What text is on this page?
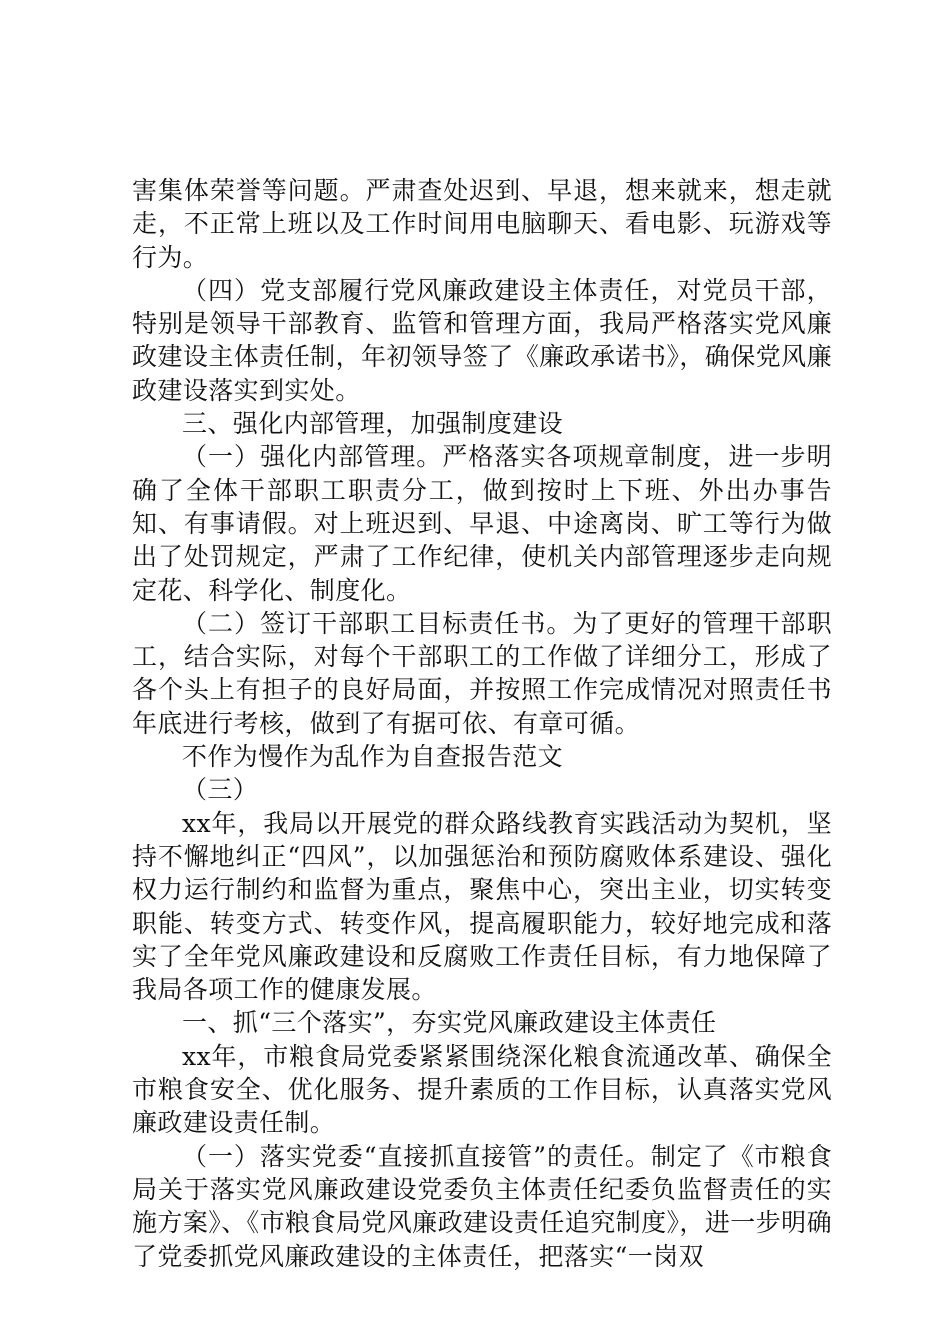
害集体荣誉等问题。严肃查处迟到、早退，想来就来，想走就走，不正常上班以及工作时间用电脑聊天、看电影、玩游戏等行为。

（四）党支部履行党风廉政建设主体责任，对党员干部，特别是领导干部教育、监管和管理方面，我局严格落实党风廉政建设主体责任制，年初领导签了《廉政承诺书》，确保党风廉政建设落实到实处。

三、强化内部管理，加强制度建设

（一）强化内部管理。严格落实各项规章制度，进一步明确了全体干部职工职责分工，做到按时上下班、外出办事告知、有事请假。对上班迟到、早退、中途离岗、旷工等行为做出了处罚规定，严肃了工作纪律，使机关内部管理逐步走向规定花、科学化、制度化。

（二）签订干部职工目标责任书。为了更好的管理干部职工，结合实际，对每个干部职工的工作做了详细分工，形成了各个头上有担子的良好局面，并按照工作完成情况对照责任书年底进行考核，做到了有据可依、有章可循。

不作为慢作为乱作为自查报告范文

（三）

xx年，我局以开展党的群众路线教育实践活动为契机，坚持不懈地纠正“四风”，以加强惩治和预防腐败体系建设、强化权力运行制约和监督为重点，聚焦中心，突出主业，切实转变职能、转变方式、转变作风，提高履职能力，较好地完成和落实了全年党风廉政建设和反腐败工作责任目标，有力地保障了我局各项工作的健康发展。

一、抓“三个落实”，夯实党风廉政建设主体责任

xx年，市粮食局党委紧紧围绕深化粮食流通改革、确保全市粮食安全、优化服务、提升素质的工作目标，认真落实党风廉政建设责任制。

（一）落实党委“直接抓直接管”的责任。制定了《市粮食局关于落实党风廉政建设党委负主体责任纪委负监督责任的实施方案》、《市粮食局党风廉政建设责任追究制度》，进一步明确了党委抓党风廉政建设的主体责任，把落实“一岗双
